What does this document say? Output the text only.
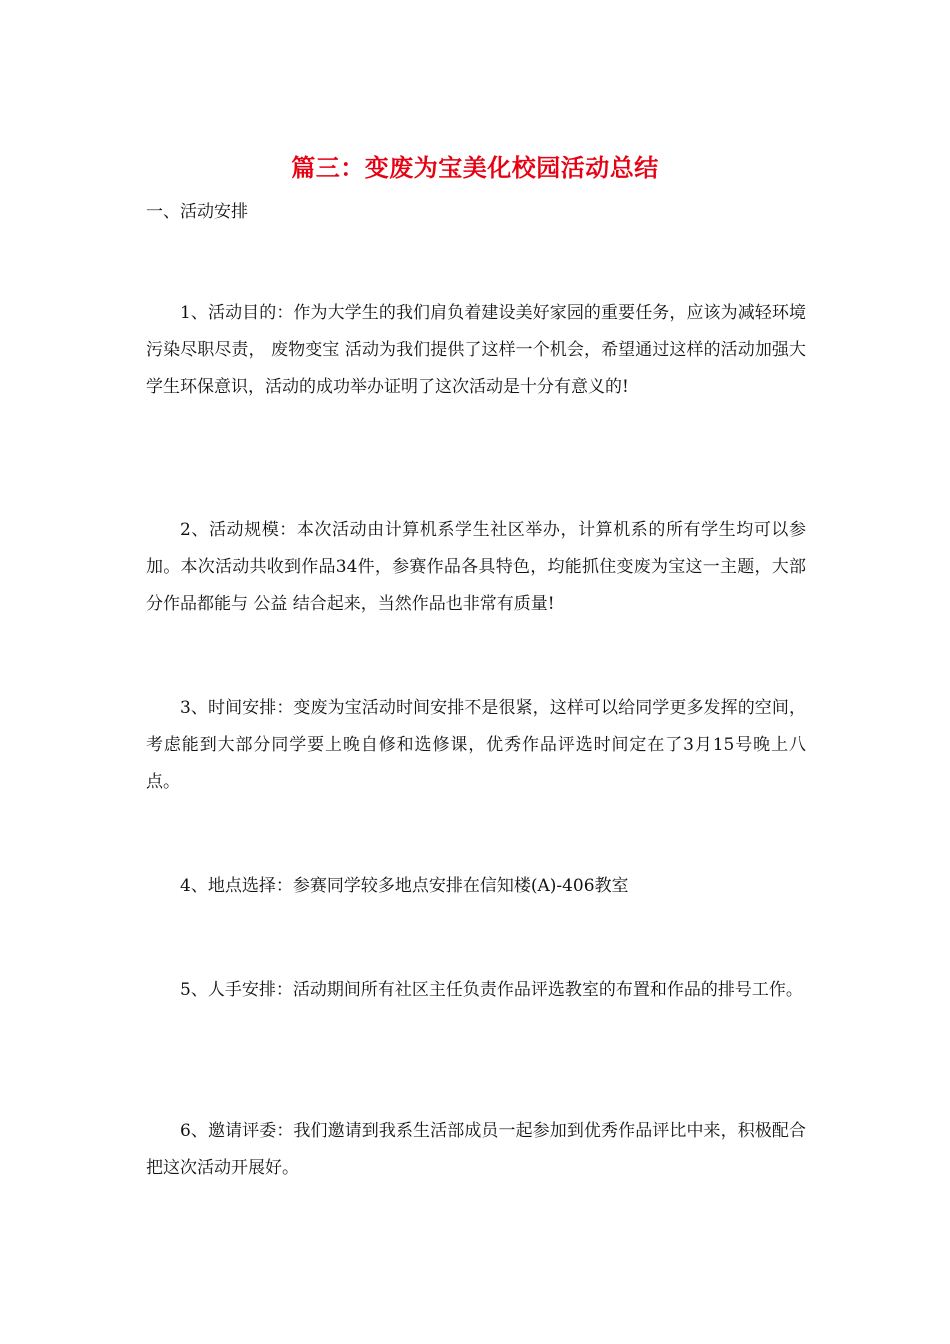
篇三：变废为宝美化校园活动总结
一、活动安排

1、活动目的：作为大学生的我们肩负着建设美好家园的重要任务，应该为减轻环境污染尽职尽责， 废物变宝 活动为我们提供了这样一个机会，希望通过这样的活动加强大学生环保意识，活动的成功举办证明了这次活动是十分有意义的!

2、活动规模：本次活动由计算机系学生社区举办，计算机系的所有学生均可以参加。本次活动共收到作品34件，参赛作品各具特色，均能抓住变废为宝这一主题，大部分作品都能与 公益 结合起来，当然作品也非常有质量!

3、时间安排：变废为宝活动时间安排不是很紧，这样可以给同学更多发挥的空间，考虑能到大部分同学要上晚自修和选修课，优秀作品评选时间定在了3月15号晚上八点。

4、地点选择：参赛同学较多地点安排在信知楼(A)-406教室

5、人手安排：活动期间所有社区主任负责作品评选教室的布置和作品的排号工作。

6、邀请评委：我们邀请到我系生活部成员一起参加到优秀作品评比中来，积极配合把这次活动开展好。
